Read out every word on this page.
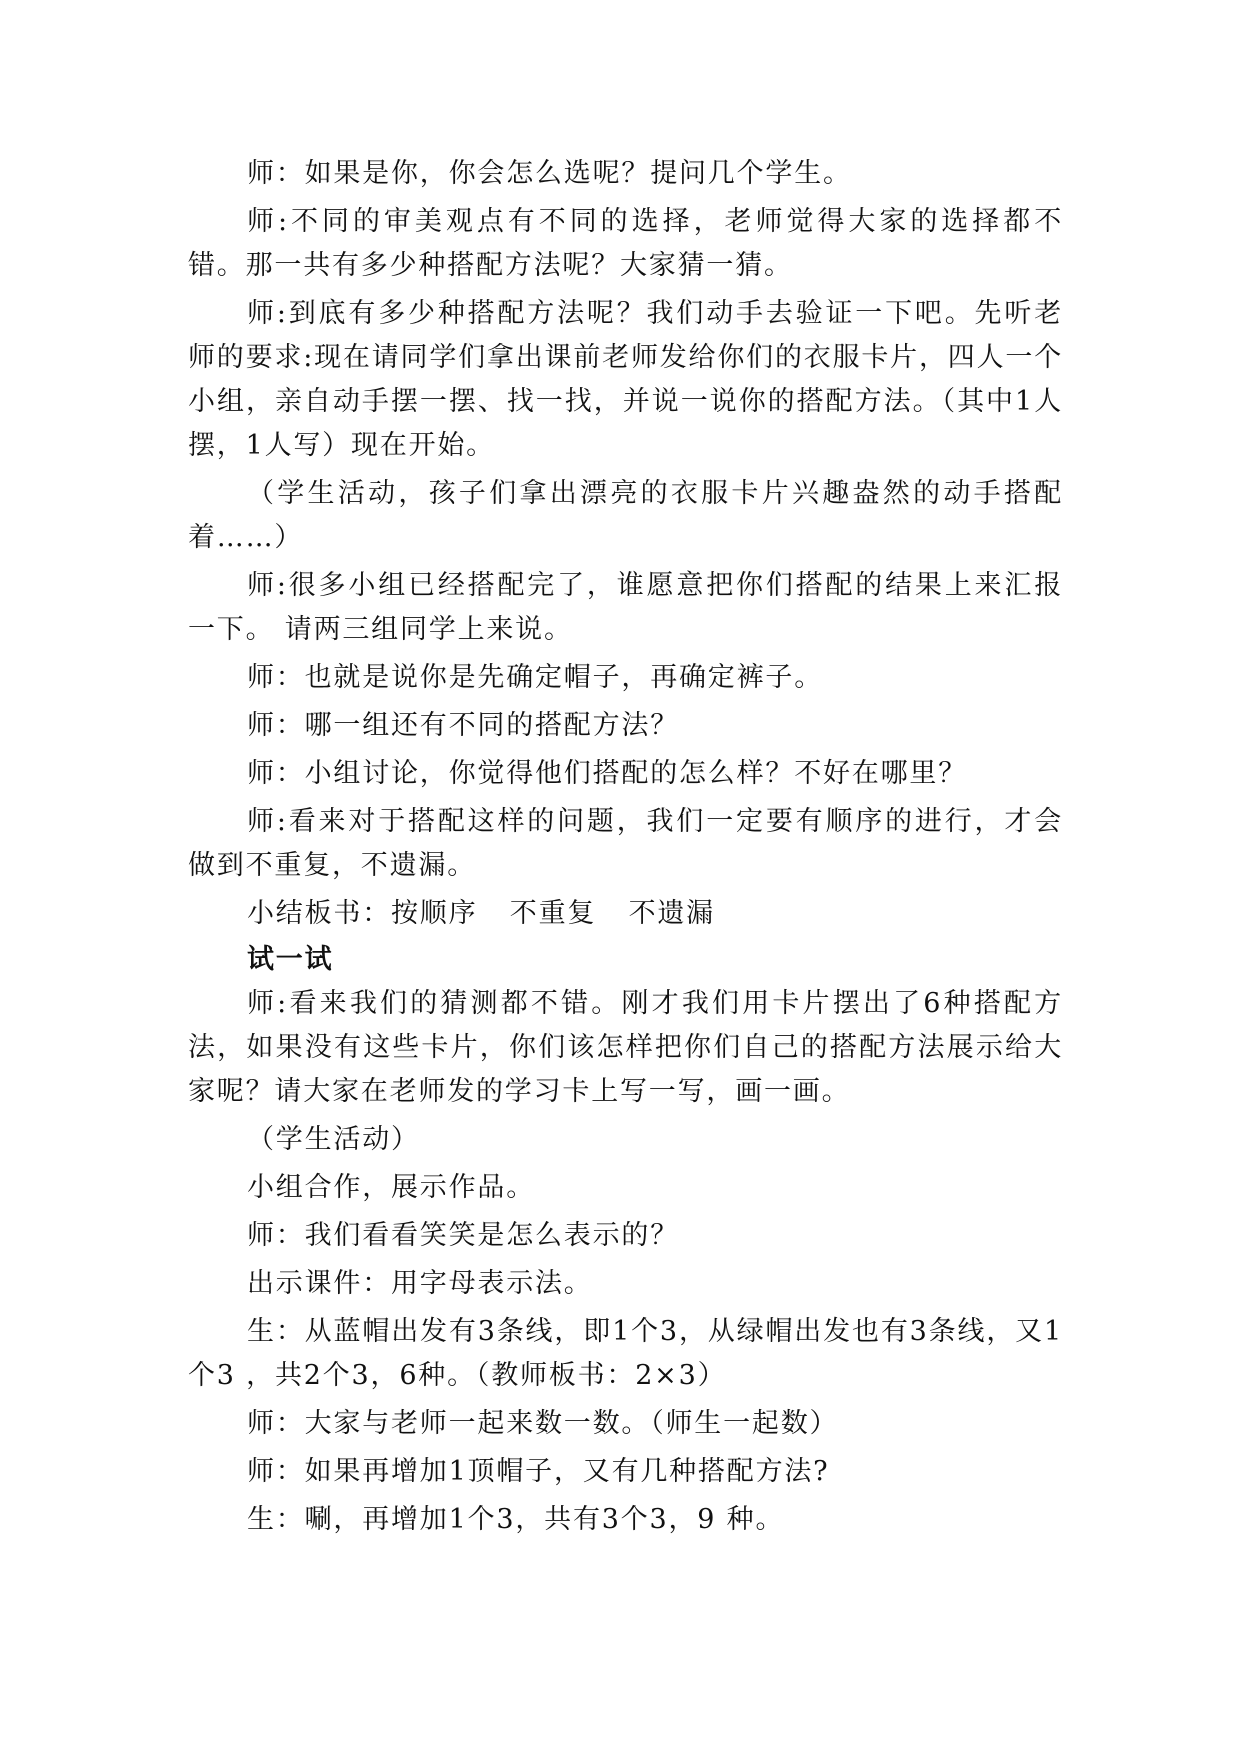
师：如果是你，你会怎么选呢？提问几个学生。

师:不同的审美观点有不同的选择，老师觉得大家的选择都不错。那一共有多少种搭配方法呢？大家猜一猜。

师:到底有多少种搭配方法呢？我们动手去验证一下吧。先听老师的要求:现在请同学们拿出课前老师发给你们的衣服卡片，四人一个小组，亲自动手摆一摆、找一找，并说一说你的搭配方法。（其中1人摆，1人写）现在开始。

（学生活动，孩子们拿出漂亮的衣服卡片兴趣盎然的动手搭配着……）

师:很多小组已经搭配完了，谁愿意把你们搭配的结果上来汇报一下。 请两三组同学上来说。

师：也就是说你是先确定帽子，再确定裤子。

师：哪一组还有不同的搭配方法？

师：小组讨论，你觉得他们搭配的怎么样？不好在哪里？

师:看来对于搭配这样的问题，我们一定要有顺序的进行，才会做到不重复，不遗漏。

小结板书：按顺序 不重复 不遗漏

试一试

师:看来我们的猜测都不错。刚才我们用卡片摆出了6种搭配方法，如果没有这些卡片，你们该怎样把你们自己的搭配方法展示给大家呢？请大家在老师发的学习卡上写一写，画一画。

（学生活动）

小组合作，展示作品。

师：我们看看笑笑是怎么表示的？

出示课件：用字母表示法。

生：从蓝帽出发有3条线，即1个3，从绿帽出发也有3条线，又1个3 ，共2个3，6种。（教师板书：2×3）

师：大家与老师一起来数一数。（师生一起数）

师：如果再增加1顶帽子，又有几种搭配方法?

生：唰，再增加1个3，共有3个3，9 种。
